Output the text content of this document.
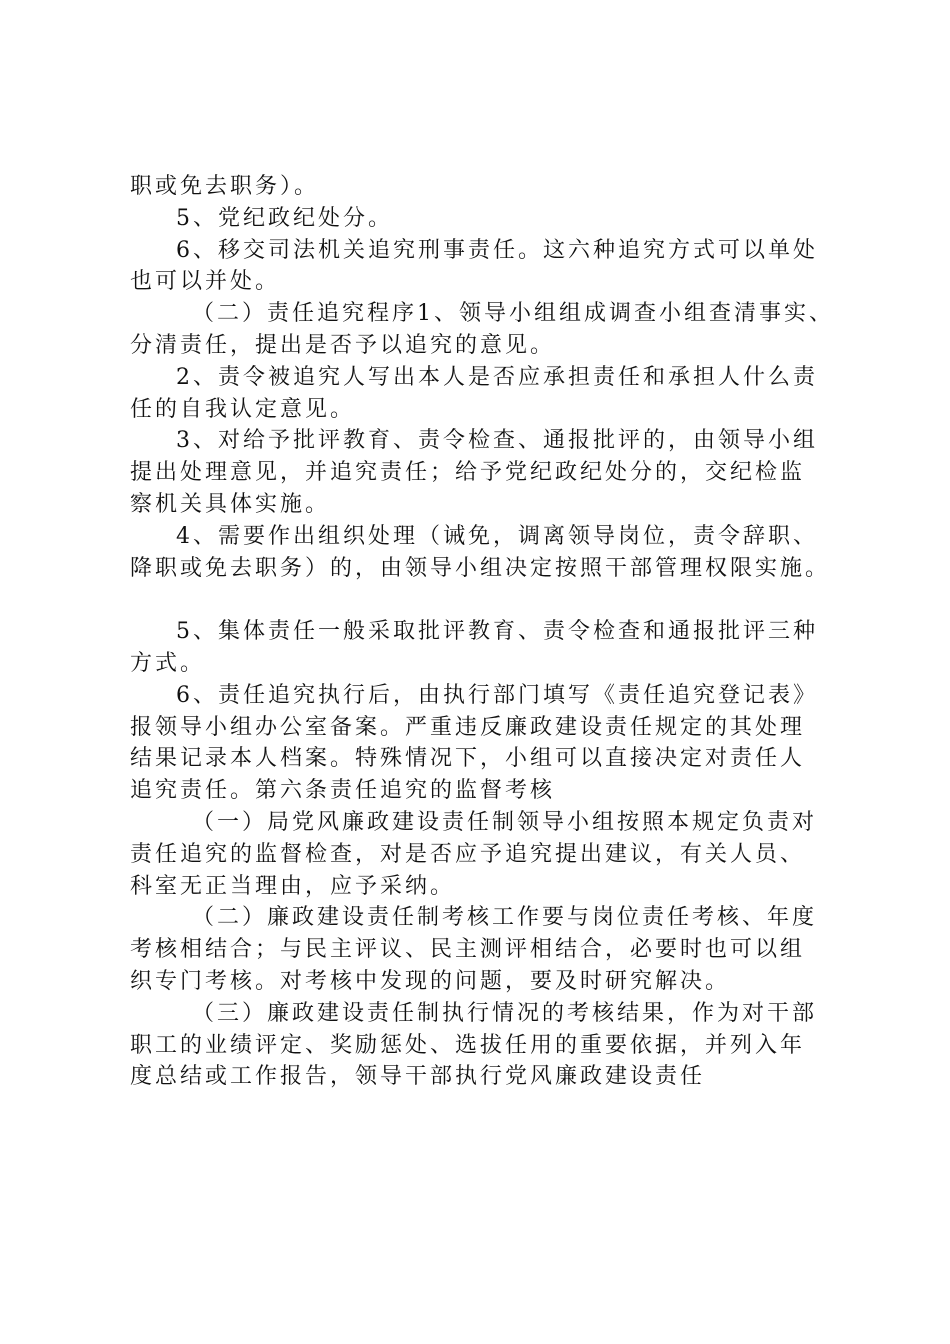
职或免去职务）。
5、党纪政纪处分。
6、移交司法机关追究刑事责任。这六种追究方式可以单处
也可以并处。
（二）责任追究程序1、领导小组组成调查小组查清事实、
分清责任，提出是否予以追究的意见。
2、责令被追究人写出本人是否应承担责任和承担人什么责
任的自我认定意见。
3、对给予批评教育、责令检查、通报批评的，由领导小组
提出处理意见，并追究责任；给予党纪政纪处分的，交纪检监
察机关具体实施。
4、需要作出组织处理（诫免，调离领导岗位，责令辞职、
降职或免去职务）的，由领导小组决定按照干部管理权限实施。
5、集体责任一般采取批评教育、责令检查和通报批评三种
方式。
6、责任追究执行后，由执行部门填写《责任追究登记表》
报领导小组办公室备案。严重违反廉政建设责任规定的其处理
结果记录本人档案。特殊情况下，小组可以直接决定对责任人
追究责任。第六条责任追究的监督考核
（一）局党风廉政建设责任制领导小组按照本规定负责对
责任追究的监督检查，对是否应予追究提出建议，有关人员、
科室无正当理由，应予采纳。
（二）廉政建设责任制考核工作要与岗位责任考核、年度
考核相结合；与民主评议、民主测评相结合，必要时也可以组
织专门考核。对考核中发现的问题，要及时研究解决。
（三）廉政建设责任制执行情况的考核结果，作为对干部
职工的业绩评定、奖励惩处、选拔任用的重要依据，并列入年
度总结或工作报告，领导干部执行党风廉政建设责任
